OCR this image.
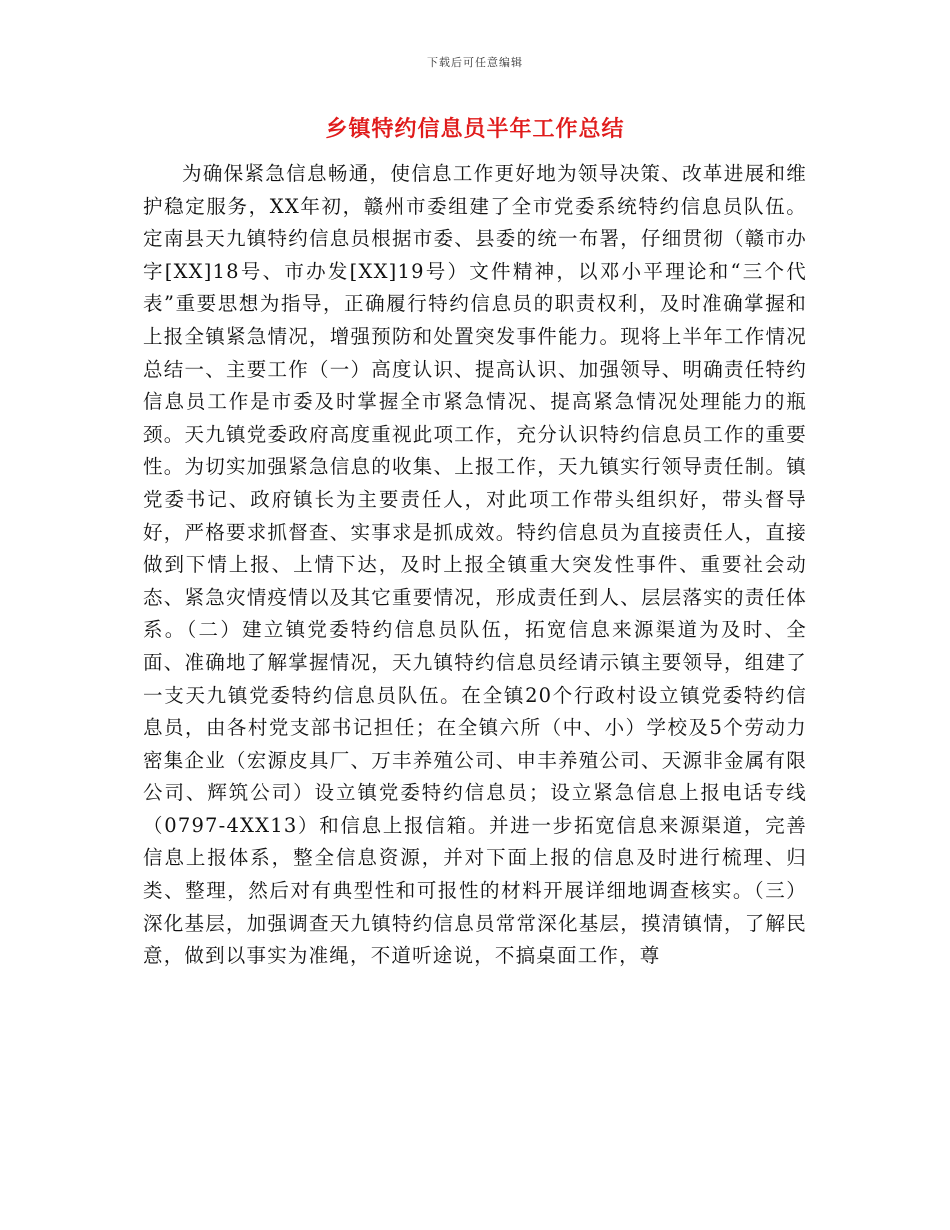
下载后可任意编辑
乡镇特约信息员半年工作总结

为确保紧急信息畅通，使信息工作更好地为领导决策、改革进展和维护稳定服务，XX年初，赣州市委组建了全市党委系统特约信息员队伍。定南县天九镇特约信息员根据市委、县委的统一布署，仔细贯彻（赣市办字[XX]18号、市办发[XX]19号）文件精神，以邓小平理论和“三个代表”重要思想为指导，正确履行特约信息员的职责权利，及时准确掌握和上报全镇紧急情况，增强预防和处置突发事件能力。现将上半年工作情况总结一、主要工作（一）高度认识、提高认识、加强领导、明确责任特约信息员工作是市委及时掌握全市紧急情况、提高紧急情况处理能力的瓶颈。天九镇党委政府高度重视此项工作，充分认识特约信息员工作的重要性。为切实加强紧急信息的收集、上报工作，天九镇实行领导责任制。镇党委书记、政府镇长为主要责任人，对此项工作带头组织好，带头督导好，严格要求抓督查、实事求是抓成效。特约信息员为直接责任人，直接做到下情上报、上情下达，及时上报全镇重大突发性事件、重要社会动态、紧急灾情疫情以及其它重要情况，形成责任到人、层层落实的责任体系。（二）建立镇党委特约信息员队伍，拓宽信息来源渠道为及时、全面、准确地了解掌握情况，天九镇特约信息员经请示镇主要领导，组建了一支天九镇党委特约信息员队伍。在全镇20个行政村设立镇党委特约信息员，由各村党支部书记担任；在全镇六所（中、小）学校及5个劳动力密集企业（宏源皮具厂、万丰养殖公司、申丰养殖公司、天源非金属有限公司、辉筑公司）设立镇党委特约信息员；设立紧急信息上报电话专线（0797-4XX13）和信息上报信箱。并进一步拓宽信息来源渠道，完善信息上报体系，整全信息资源，并对下面上报的信息及时进行梳理、归类、整理，然后对有典型性和可报性的材料开展详细地调查核实。（三）深化基层，加强调查天九镇特约信息员常常深化基层，摸清镇情，了解民意，做到以事实为准绳，不道听途说，不搞桌面工作，尊
